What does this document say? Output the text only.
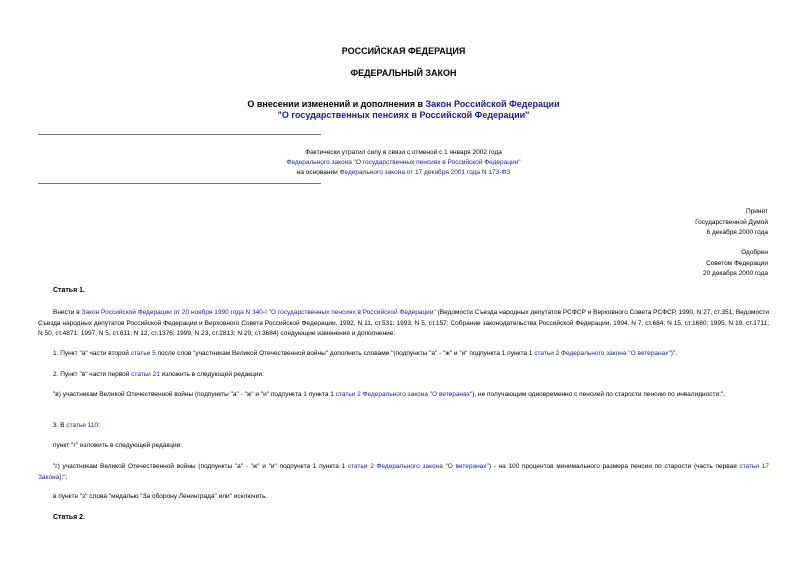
РОССИЙСКАЯ ФЕДЕРАЦИЯ
ФЕДЕРАЛЬНЫЙ ЗАКОН
О внесении изменений и дополнения в Закон Российской Федерации
"О государственных пенсиях в Российской Федерации"
Фактически утратил силу в связи с отменой с 1 января 2002 года
Федерального закона "О государственных пенсиях в Российской Федерации"
на основании Федерального закона от 17 декабря 2001 года N 173-ФЗ
Принят
Государственной Думой
6 декабря 2000 года
Одобрен
Советом Федерации
20 декабря 2000 года
Статья 1.
Внести в Закон Российской Федерации от 20 ноября 1990 года N 340-I "О государственных пенсиях в Российской Федерации" (Ведомости Съезда народных депутатов РСФСР и Верховного Совета РСФСР, 1990, N 27, ст.351; Ведомости Съезда народных депутатов Российской Федерации и Верховного Совета Российской Федерации, 1992, N 11, ст.531; 1993, N 5, ст.157; Собрание законодательства Российской Федерации, 1994, N 7, ст.684; N 15, ст.1680; 1995, N 19, ст.1711; N 50, ст.4871; 1997, N 5, ст.611; N 12, ст.1376; 1999, N 23, ст.2813; N 29, ст.3684) следующие изменения и дополнение:
1. Пункт "а" части второй статьи 5 после слов "участникам Великой Отечественной войны" дополнить словами "(подпункты "а" - "ж" и "и" подпункта 1 пункта 1 статьи 2 Федерального закона "О ветеранах")".
2. Пункт "в" части первой статьи 21 изложить в следующей редакции:
"в) участникам Великой Отечественной войны (подпункты "а" - "ж" и "и" подпункта 1 пункта 1 статьи 2 Федерального закона "О ветеранах"), не получающим одновременно с пенсией по старости пенсию по инвалидности;".
3. В статье 110:
пункт "г" изложить в следующей редакции:
"г) участникам Великой Отечественной войны (подпункты "а" - "ж" и "и" подпункта 1 пункта 1 статьи 2 Федерального закона "О ветеранах") - на 100 процентов минимального размера пенсии по старости (часть первая статьи 17 Закона);";
в пункте "з" слова "медалью "За оборону Ленинграда" или" исключить.
Статья 2.
